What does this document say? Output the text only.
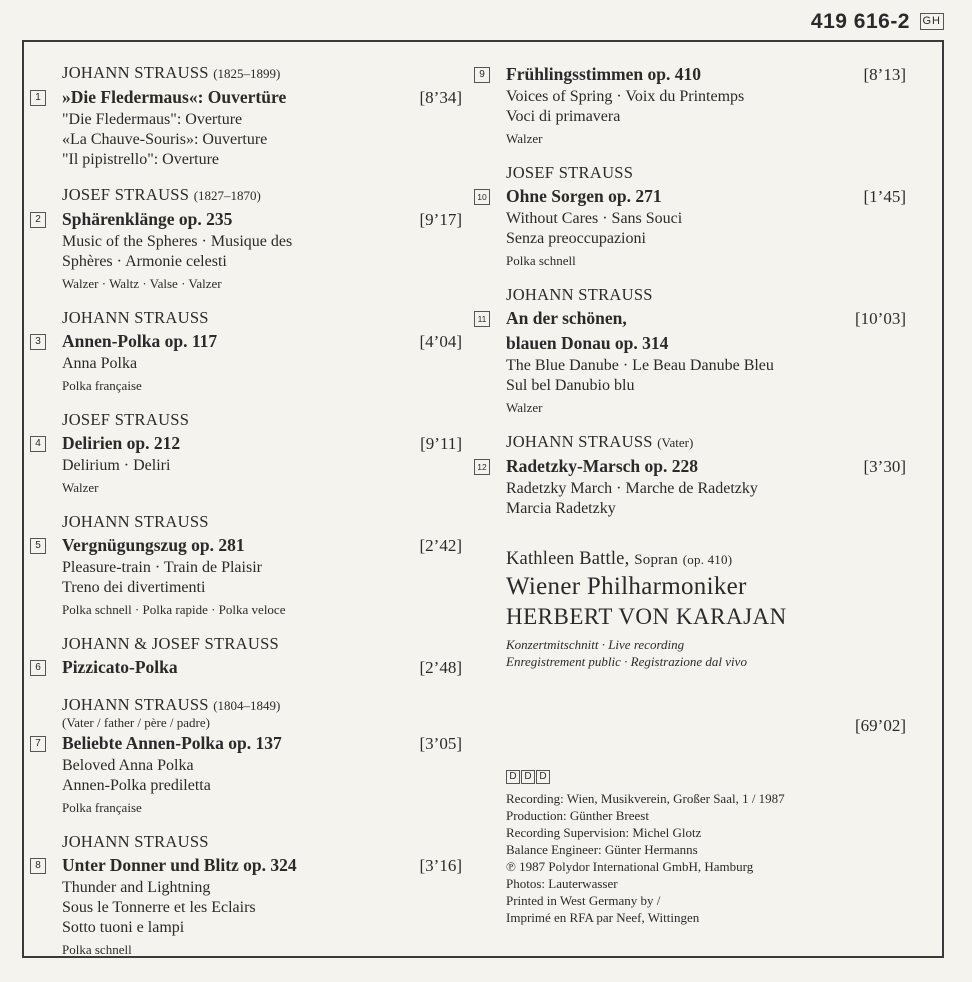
419 616-2 GH
JOHANN STRAUSS (1825–1899)
1 »Die Fledermaus«: Ouvertüre	[8’34]
"Die Fledermaus": Overture
«La Chauve-Souris»: Ouverture
"Il pipistrello": Overture
JOSEF STRAUSS (1827–1870)
2 Sphärenklänge op. 235	[9’17]
Music of the Spheres · Musique des
Sphères · Armonie celesti
Walzer · Waltz · Valse · Valzer
JOHANN STRAUSS
3 Annen-Polka op. 117	[4’04]
Anna Polka
Polka française
JOSEF STRAUSS
4 Delirien op. 212	[9’11]
Delirium · Deliri
Walzer
JOHANN STRAUSS
5 Vergnügungszug op. 281	[2’42]
Pleasure-train · Train de Plaisir
Treno dei divertimenti
Polka schnell · Polka rapide · Polka veloce
JOHANN & JOSEF STRAUSS
6 Pizzicato-Polka	[2’48]
JOHANN STRAUSS (1804–1849)
(Vater / father / père / padre)
7 Beliebte Annen-Polka op. 137	[3’05]
Beloved Anna Polka
Annen-Polka prediletta
Polka française
JOHANN STRAUSS
8 Unter Donner und Blitz op. 324	[3’16]
Thunder and Lightning
Sous le Tonnerre et les Eclairs
Sotto tuoni e lampi
Polka schnell
9 Frühlingsstimmen op. 410	[8’13]
Voices of Spring · Voix du Printemps
Voci di primavera
Walzer
JOSEF STRAUSS
10 Ohne Sorgen op. 271	[1’45]
Without Cares · Sans Souci
Senza preoccupazioni
Polka schnell
JOHANN STRAUSS
11 An der schönen,	[10’03]
blauen Donau op. 314
The Blue Danube · Le Beau Danube Bleu
Sul bel Danubio blu
Walzer
JOHANN STRAUSS (Vater)
12 Radetzky-Marsch op. 228	[3’30]
Radetzky March · Marche de Radetzky
Marcia Radetzky
Kathleen Battle, Sopran (op. 410)
Wiener Philharmoniker
HERBERT VON KARAJAN
Konzertmitschnitt · Live recording
Enregistrement public · Registrazione dal vivo
[69’02]
D D D
Recording: Wien, Musikverein, Großer Saal, 1 / 1987
Production: Günther Breest
Recording Supervision: Michel Glotz
Balance Engineer: Günter Hermanns
℗ 1987 Polydor International GmbH, Hamburg
Photos: Lauterwasser
Printed in West Germany by /
Imprimé en RFA par Neef, Wittingen
